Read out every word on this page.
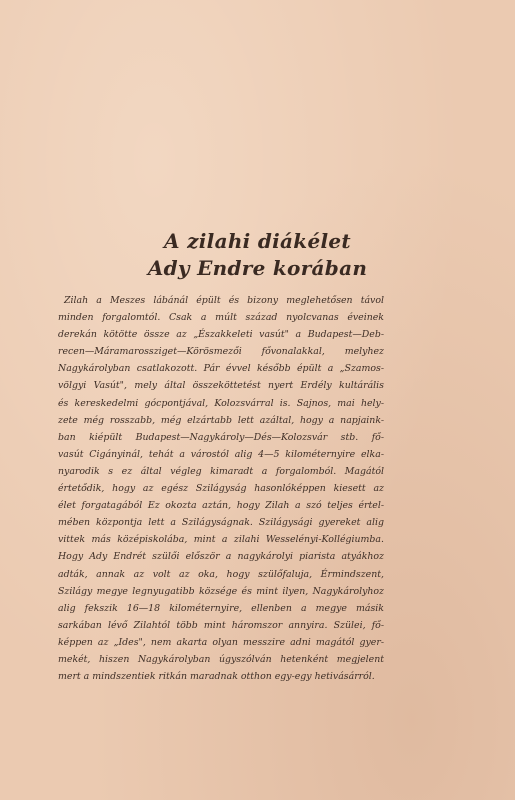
A zilahi diákélet
Ady Endre korában
Zilah a Meszes lábánál épült és bizony meglehetősen távol
minden forgalomtól. Csak a múlt század nyolcvanas éveinek
derekán kötötte össze az „Északkeleti vasút" a Budapest—Deb-
recen—Máramarossziget—Körösmezői fővonalakkal, melyhez
Nagykárolyban csatlakozott. Pár évvel később épült a „Szamos-
völgyi Vasút", mely által összeköttetést nyert Erdély kultárális
és kereskedelmi gócpontjával, Kolozsvárral is. Sajnos, mai hely-
zete még rosszabb, még elzártabb lett azáltal, hogy a napjaink-
ban kiépült Budapest—Nagykároly—Dés—Kolozsvár stb. fő-
vasút Cigányinál, tehát a várostól alig 4—5 kilométernyire elka-
nyarodik s ez által végleg kimaradt a forgalomból. Magától
értetődik, hogy az egész Szilágyság hasonlóképpen kiesett az
élet forgatagából Ez okozta aztán, hogy Zilah a szó teljes értel-
mében központja lett a Szilágyságnak. Szilágysági gyereket alig
vittek más középiskolába, mint a zilahi Wesselényi-Kollégiumba.
Hogy Ady Endrét szülői először a nagykárolyi piarista atyákhoz
adták, annak az volt az oka, hogy szülőfaluja, Érmindszent,
Szilágy megye legnyugatibb községe és mint ilyen, Nagykárolyhoz
alig fekszik 16—18 kilométernyire, ellenben a megye másik
sarkában lévő Zilahtól több mint háromszor annyira. Szülei, fő-
képpen az „Ides", nem akarta olyan messzire adni magától gyer-
mekét, hiszen Nagykárolyban úgyszólván hetenként megjelent
mert a mindszentiek ritkán maradnak otthon egy-egy hetivásárról.
